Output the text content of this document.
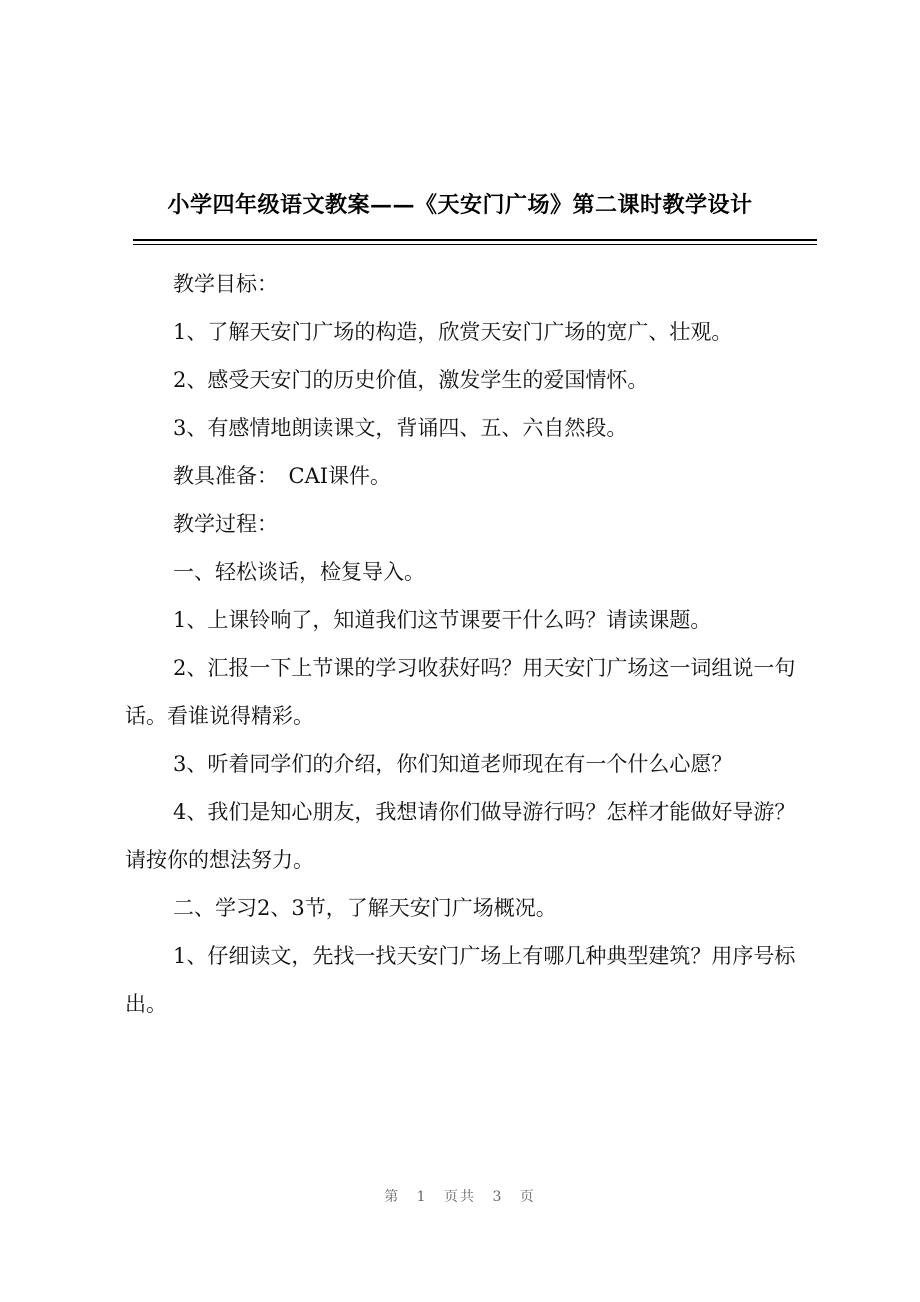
小学四年级语文教案——《天安门广场》第二课时教学设计

教学目标：

1、了解天安门广场的构造，欣赏天安门广场的宽广、壮观。

2、感受天安门的历史价值，激发学生的爱国情怀。

3、有感情地朗读课文，背诵四、五、六自然段。

教具准备：　CAI课件。

教学过程：

一、轻松谈话，检复导入。

1、上课铃响了，知道我们这节课要干什么吗？请读课题。

2、汇报一下上节课的学习收获好吗？用天安门广场这一词组说一句话。看谁说得精彩。

3、听着同学们的介绍，你们知道老师现在有一个什么心愿？

4、我们是知心朋友，我想请你们做导游行吗？怎样才能做好导游？请按你的想法努力。

二、学习2、3节，了解天安门广场概况。

1、仔细读文，先找一找天安门广场上有哪几种典型建筑？用序号标出。

第 1 页共 3 页
